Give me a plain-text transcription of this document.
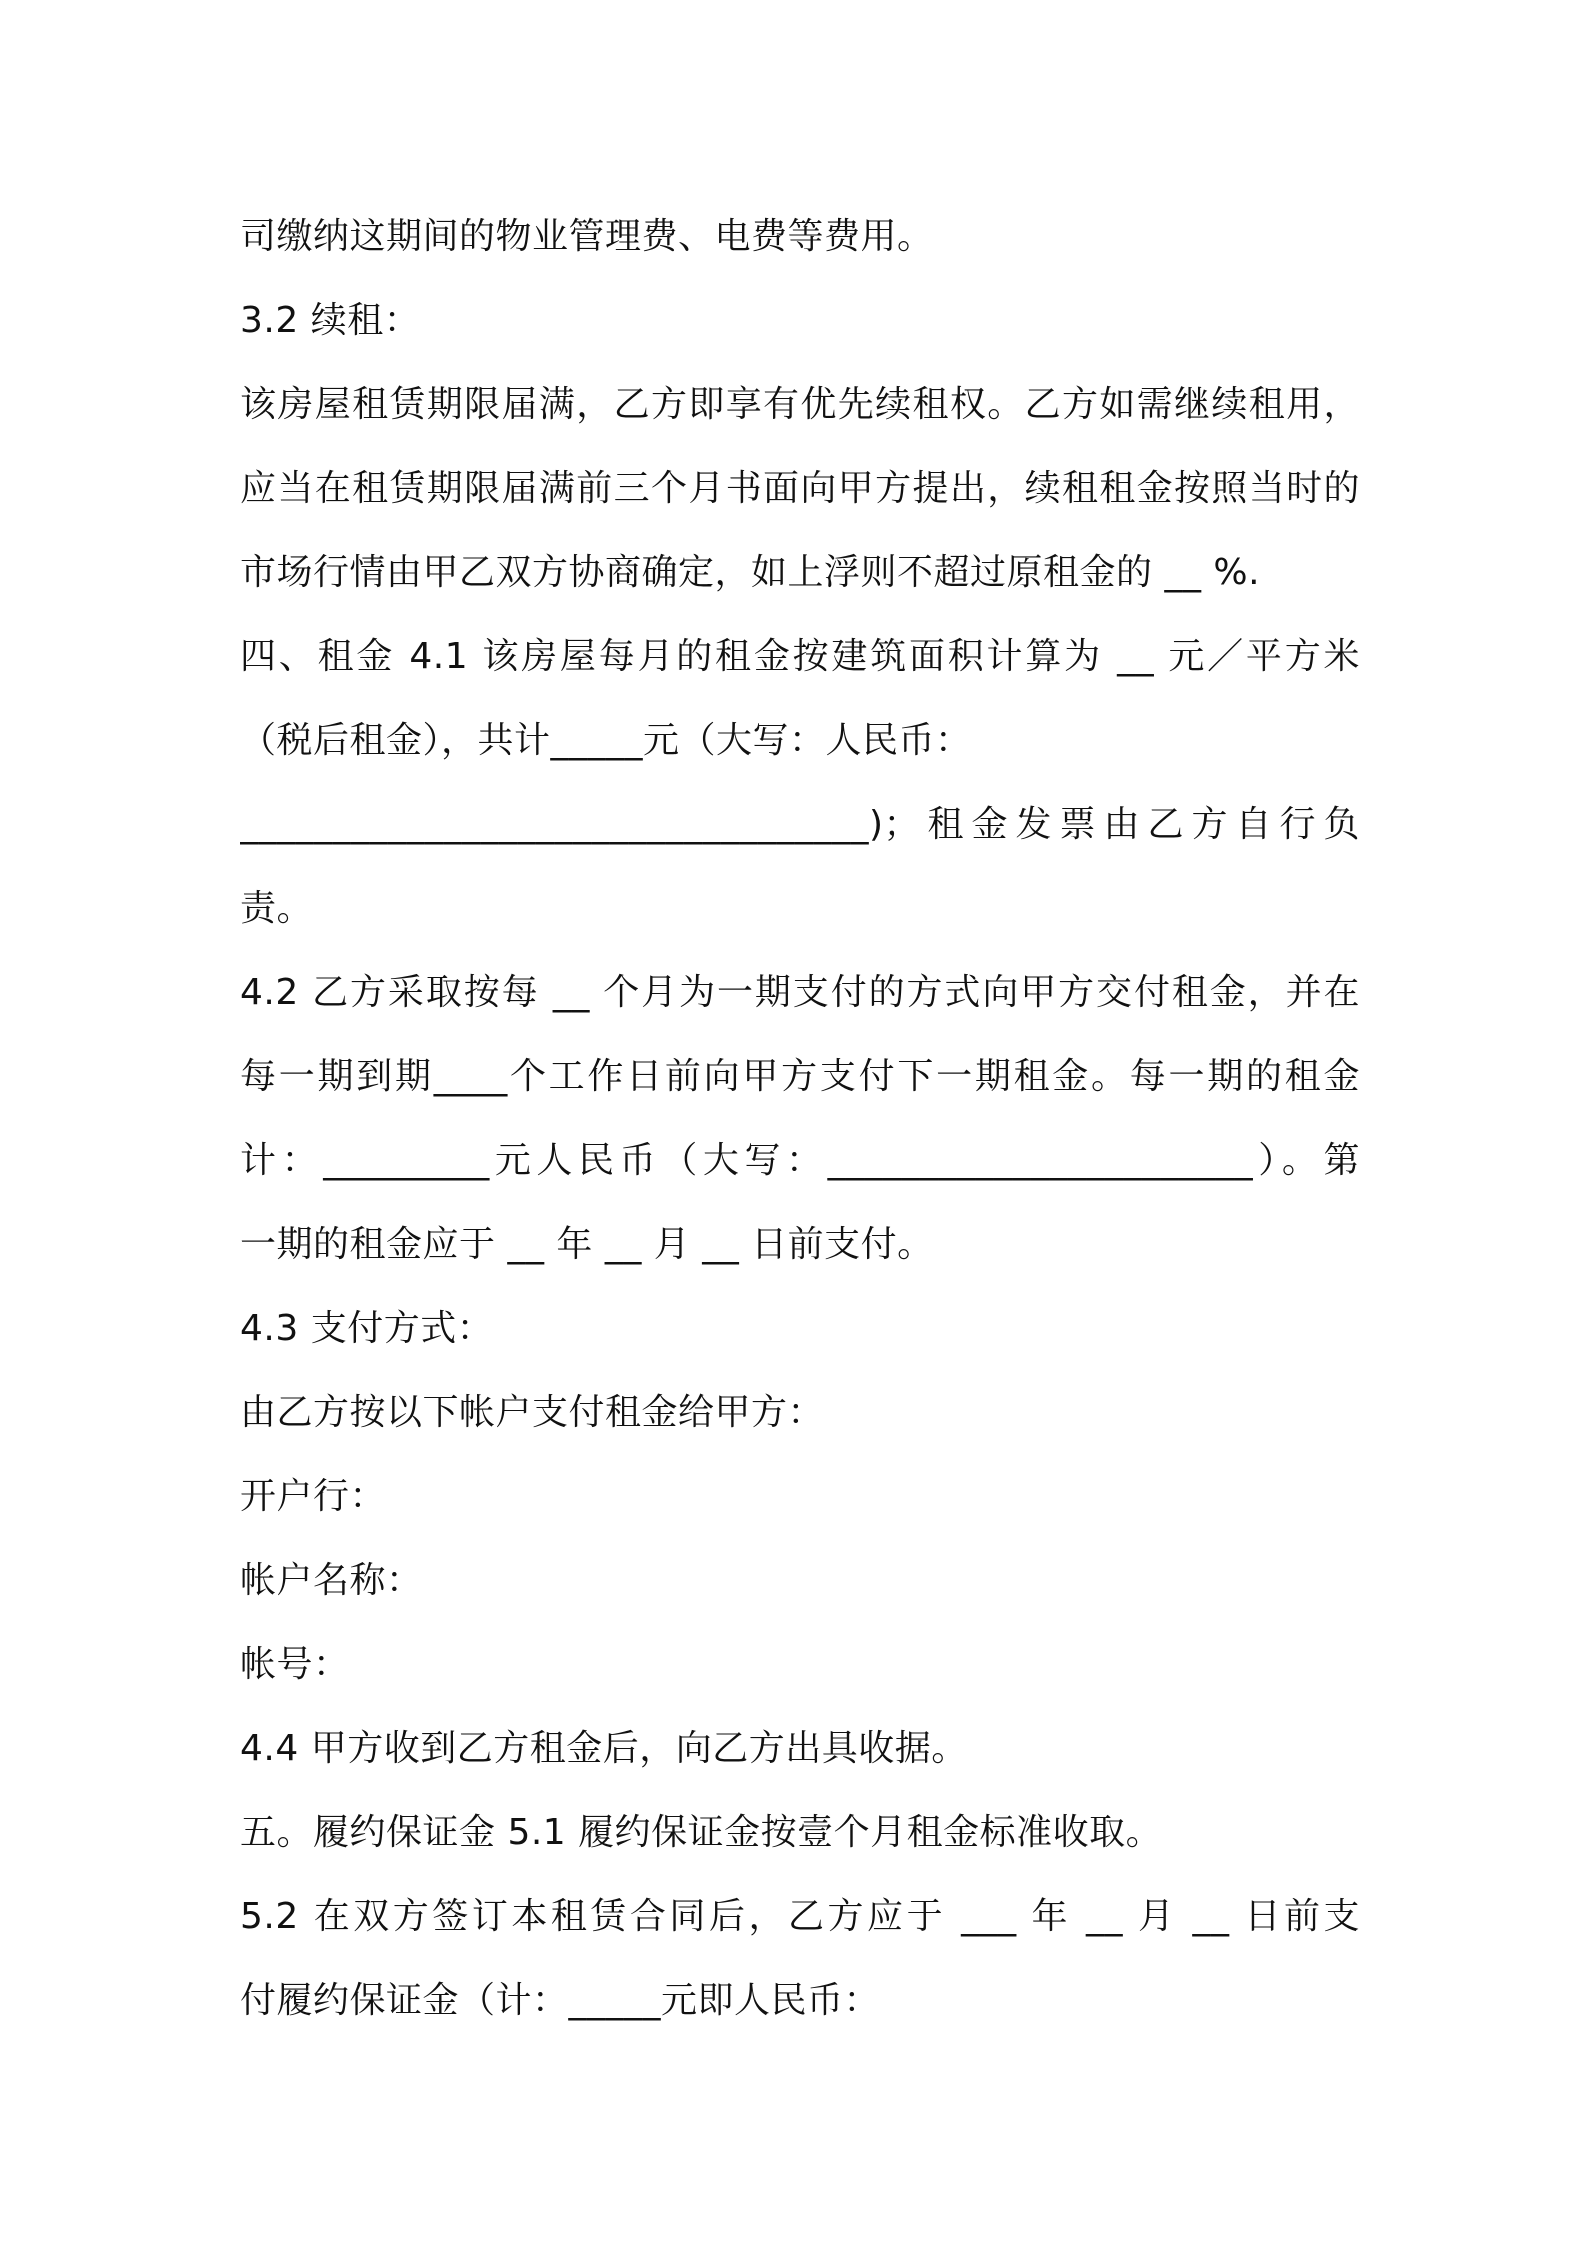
司缴纳这期间的物业管理费、电费等费用。
3.2 续租：
该房屋租赁期限届满，乙方即享有优先续租权。乙方如需继续租用，
应当在租赁期限届满前三个月书面向甲方提出，续租租金按照当时的
市场行情由甲乙双方协商确定，如上浮则不超过原租金的 __ %.
四、租金 4.1 该房屋每月的租金按建筑面积计算为 __ 元／平方米
（税后租金），共计_____元（大写：人民币：
__________________________________)；租金发票由乙方自行负
责。
4.2 乙方采取按每 __ 个月为一期支付的方式向甲方交付租金，并在
每一期到期____个工作日前向甲方支付下一期租金。每一期的租金
计：_________元人民币（大写：_______________________）。第
一期的租金应于 __ 年 __ 月 __ 日前支付。
4.3 支付方式：
由乙方按以下帐户支付租金给甲方：
开户行：
帐户名称：
帐号：
4.4 甲方收到乙方租金后，向乙方出具收据。
五。履约保证金 5.1 履约保证金按壹个月租金标准收取。
5.2 在双方签订本租赁合同后，乙方应于 ___ 年 __ 月 __ 日前支
付履约保证金（计：_____元即人民币：
